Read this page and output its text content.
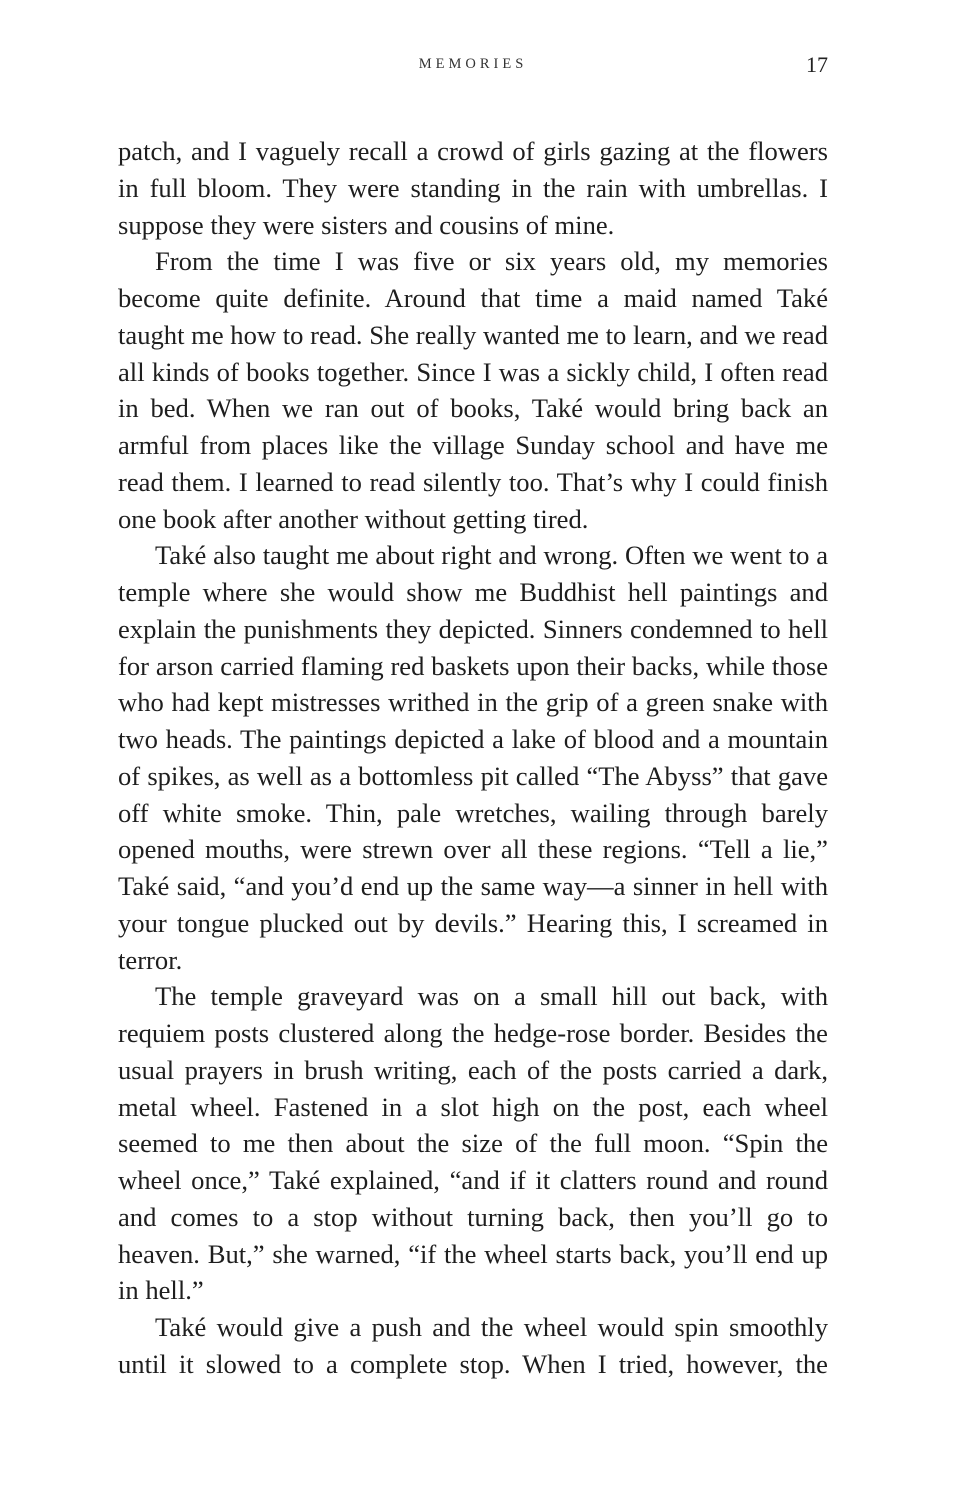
MEMORIES	17

patch, and I vaguely recall a crowd of girls gazing at the flowers in full bloom. They were standing in the rain with umbrellas. I suppose they were sisters and cousins of mine.

From the time I was five or six years old, my memories become quite definite. Around that time a maid named Také taught me how to read. She really wanted me to learn, and we read all kinds of books together. Since I was a sickly child, I often read in bed. When we ran out of books, Také would bring back an armful from places like the village Sunday school and have me read them. I learned to read silently too. That’s why I could finish one book after another without getting tired.

Také also taught me about right and wrong. Often we went to a temple where she would show me Buddhist hell paintings and explain the punishments they depicted. Sinners condemned to hell for arson carried flaming red baskets upon their backs, while those who had kept mistresses writhed in the grip of a green snake with two heads. The paintings depicted a lake of blood and a mountain of spikes, as well as a bottomless pit called “The Abyss” that gave off white smoke. Thin, pale wretches, wailing through barely opened mouths, were strewn over all these regions. “Tell a lie,” Také said, “and you’d end up the same way—a sinner in hell with your tongue plucked out by devils.” Hearing this, I screamed in terror.

The temple graveyard was on a small hill out back, with requiem posts clustered along the hedge-rose border. Besides the usual prayers in brush writing, each of the posts carried a dark, metal wheel. Fastened in a slot high on the post, each wheel seemed to me then about the size of the full moon. “Spin the wheel once,” Také explained, “and if it clatters round and round and comes to a stop without turning back, then you’ll go to heaven. But,” she warned, “if the wheel starts back, you’ll end up in hell.”

Také would give a push and the wheel would spin smoothly until it slowed to a complete stop. When I tried, however, the
